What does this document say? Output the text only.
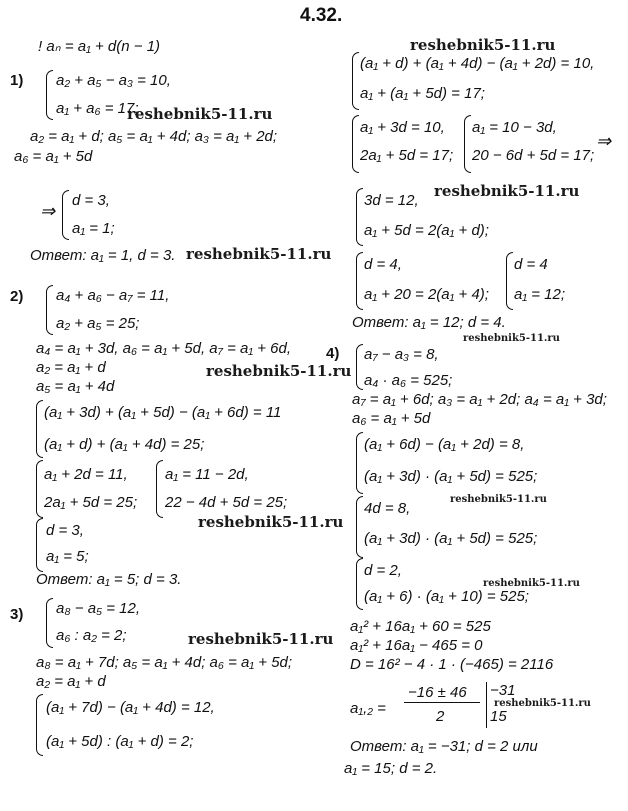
4.32.
reshebnik5-11.ru
reshebnik5-11.ru
reshebnik5-11.ru
reshebnik5-11.ru
reshebnik5-11.ru
reshebnik5-11.ru
reshebnik5-11.ru
reshebnik5-11.ru
reshebnik5-11.ru
reshebnik5-11.ru
reshebnik5-11.ru
! aₙ = a₁ + d(n − 1)
1) a₂ + a₅ − a₃ = 10,
a₁ + a₆ = 17;
a₂ = a₁ + d; a₅ = a₁ + 4d; a₃ = a₁ + 2d;
a₆ = a₁ + 5d
⇒
d = 3,
a₁ = 1;
Ответ: a₁ = 1, d = 3.
2) a₄ + a₆ − a₇ = 11,
a₂ + a₅ = 25;
a₄ = a₁ + 3d, a₆ = a₁ + 5d, a₇ = a₁ + 6d,
a₂ = a₁ + d
a₅ = a₁ + 4d
(a₁ + 3d) + (a₁ + 5d) − (a₁ + 6d) = 11
(a₁ + d) + (a₁ + 4d) = 25;
a₁ + 2d = 11,
2a₁ + 5d = 25;
a₁ = 11 − 2d,
22 − 4d + 5d = 25;
d = 3,
a₁ = 5;
Ответ: a₁ = 5; d = 3.
3) a₈ − a₅ = 12,
a₆ : a₂ = 2;
a₈ = a₁ + 7d; a₅ = a₁ + 4d; a₆ = a₁ + 5d;
a₂ = a₁ + d
(a₁ + 7d) − (a₁ + 4d) = 12,
(a₁ + 5d) : (a₁ + d) = 2;
(a₁ + d) + (a₁ + 4d) − (a₁ + 2d) = 10,
a₁ + (a₁ + 5d) = 17;
a₁ + 3d = 10,
2a₁ + 5d = 17;
a₁ = 10 − 3d,
20 − 6d + 5d = 17;
⇒
3d = 12,
a₁ + 5d = 2(a₁ + d);
d = 4,
a₁ + 20 = 2(a₁ + 4);
d = 4
a₁ = 12;
Ответ: a₁ = 12; d = 4.
4) a₇ − a₃ = 8,
a₄ · a₆ = 525;
a₇ = a₁ + 6d; a₃ = a₁ + 2d; a₄ = a₁ + 3d;
a₆ = a₁ + 5d
(a₁ + 6d) − (a₁ + 2d) = 8,
(a₁ + 3d) · (a₁ + 5d) = 525;
4d = 8,
(a₁ + 3d) · (a₁ + 5d) = 525;
d = 2,
(a₁ + 6) · (a₁ + 10) = 525;
a₁² + 16a₁ + 60 = 525
a₁² + 16a₁ − 465 = 0
D = 16² − 4 · 1 · (−465) = 2116
a₁,₂ =
−16 ± 46
2
−31
15
Ответ: a₁ = −31; d = 2 или
a₁ = 15; d = 2.
